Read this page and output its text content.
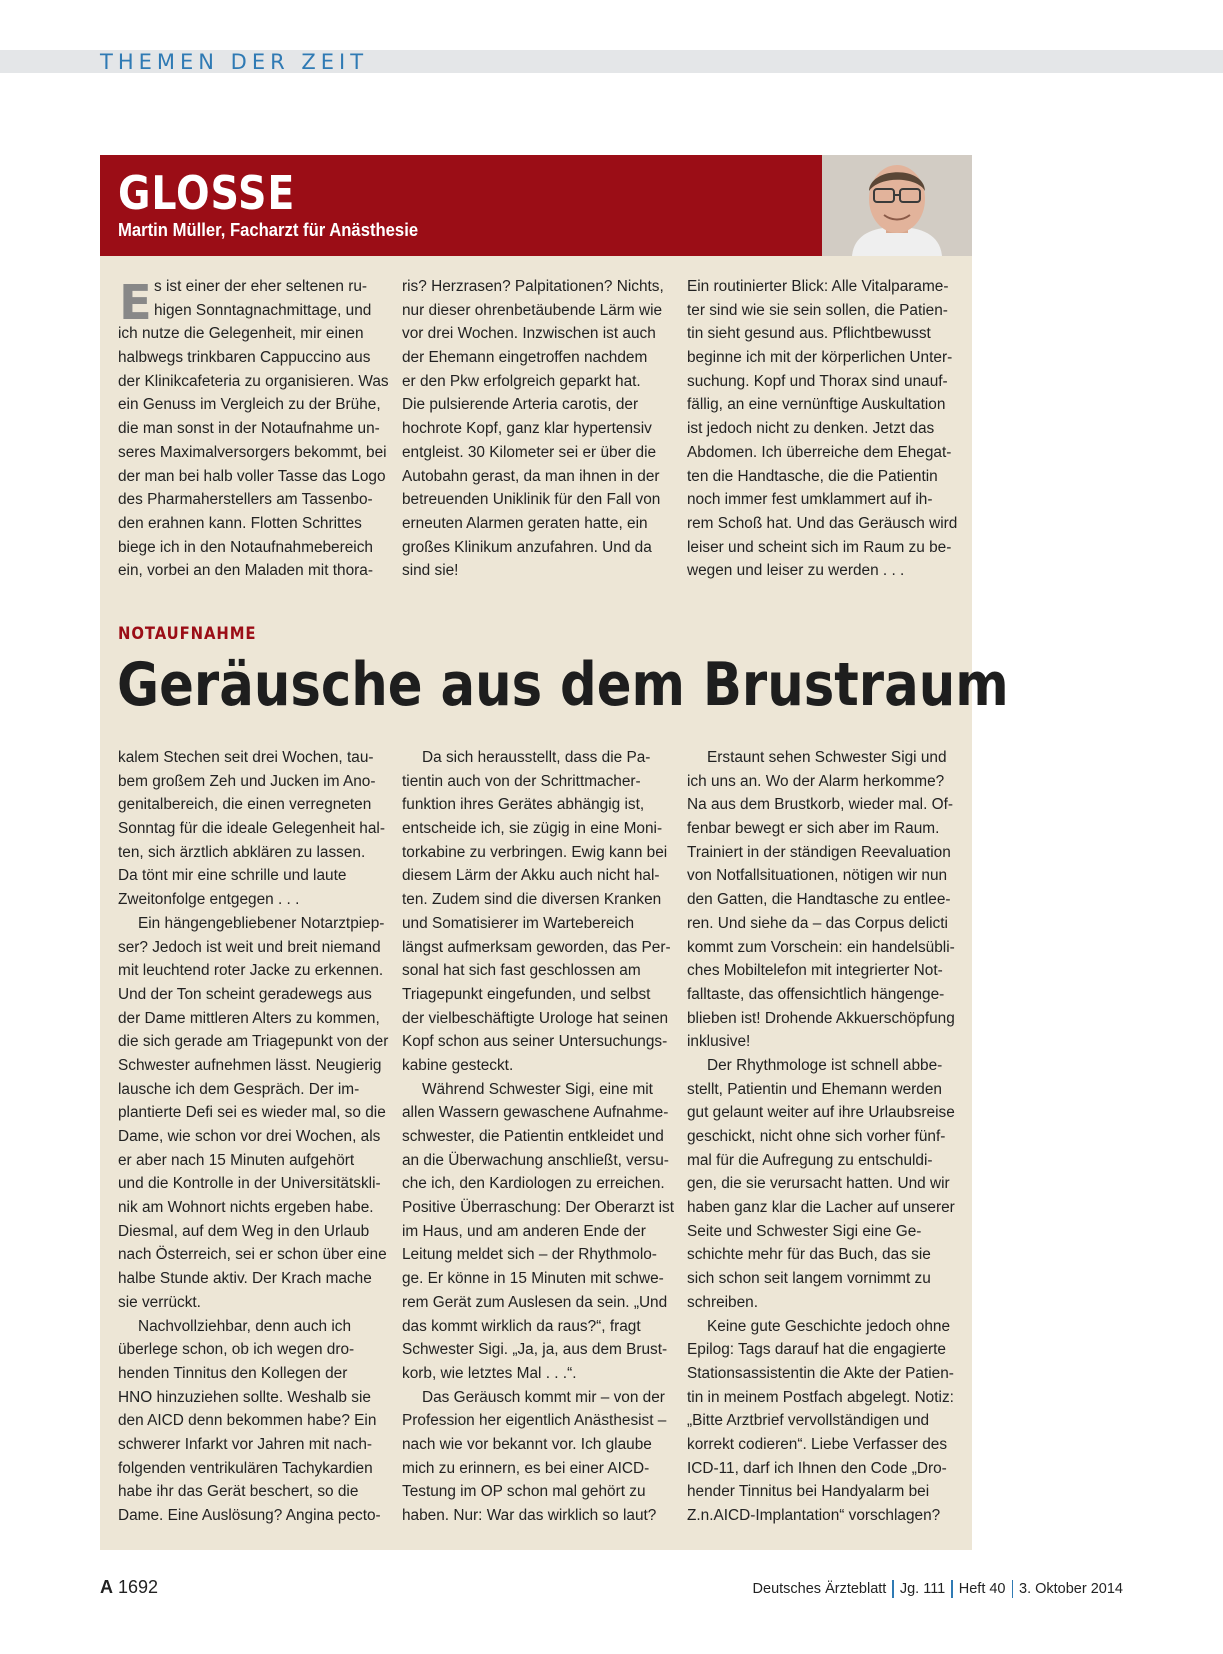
THEMEN DER ZEIT
GLOSSE
Martin Müller, Facharzt für Anästhesie
E s ist einer der eher seltenen ru-
higen Sonntagnachmittage, und
ich nutze die Gelegenheit, mir einen
halbwegs trinkbaren Cappuccino aus
der Klinikcafeteria zu organisieren. Was
ein Genuss im Vergleich zu der Brühe,
die man sonst in der Notaufnahme un-
seres Maximalversorgers bekommt, bei
der man bei halb voller Tasse das Logo
des Pharmaherstellers am Tassenbo-
den erahnen kann. Flotten Schrittes
biege ich in den Notaufnahmebereich
ein, vorbei an den Maladen mit thora-
ris? Herzrasen? Palpitationen? Nichts,
nur dieser ohrenbetäubende Lärm wie
vor drei Wochen. Inzwischen ist auch
der Ehemann eingetroffen nachdem
er den Pkw erfolgreich geparkt hat.
Die pulsierende Arteria carotis, der
hochrote Kopf, ganz klar hypertensiv
entgleist. 30 Kilometer sei er über die
Autobahn gerast, da man ihnen in der
betreuenden Uniklinik für den Fall von
erneuten Alarmen geraten hatte, ein
großes Klinikum anzufahren. Und da
sind sie!
Ein routinierter Blick: Alle Vitalparame-
ter sind wie sie sein sollen, die Patien-
tin sieht gesund aus. Pflichtbewusst
beginne ich mit der körperlichen Unter-
suchung. Kopf und Thorax sind unauf-
fällig, an eine vernünftige Auskultation
ist jedoch nicht zu denken. Jetzt das
Abdomen. Ich überreiche dem Ehegat-
ten die Handtasche, die die Patientin
noch immer fest umklammert auf ih-
rem Schoß hat. Und das Geräusch wird
leiser und scheint sich im Raum zu be-
wegen und leiser zu werden . . .
NOTAUFNAHME
Geräusche aus dem Brustraum
kalem Stechen seit drei Wochen, tau-
bem großem Zeh und Jucken im Ano-
genitalbereich, die einen verregneten
Sonntag für die ideale Gelegenheit hal-
ten, sich ärztlich abklären zu lassen.
Da tönt mir eine schrille und laute
Zweitonfolge entgegen . . .
Ein hängengebliebener Notarztpiep-
ser? Jedoch ist weit und breit niemand
mit leuchtend roter Jacke zu erkennen.
Und der Ton scheint geradewegs aus
der Dame mittleren Alters zu kommen,
die sich gerade am Triagepunkt von der
Schwester aufnehmen lässt. Neugierig
lausche ich dem Gespräch. Der im-
plantierte Defi sei es wieder mal, so die
Dame, wie schon vor drei Wochen, als
er aber nach 15 Minuten aufgehört
und die Kontrolle in der Universitätskli-
nik am Wohnort nichts ergeben habe.
Diesmal, auf dem Weg in den Urlaub
nach Österreich, sei er schon über eine
halbe Stunde aktiv. Der Krach mache
sie verrückt.
Nachvollziehbar, denn auch ich
überlege schon, ob ich wegen dro-
henden Tinnitus den Kollegen der
HNO hinzuziehen sollte. Weshalb sie
den AICD denn bekommen habe? Ein
schwerer Infarkt vor Jahren mit nach-
folgenden ventrikulären Tachykardien
habe ihr das Gerät beschert, so die
Dame. Eine Auslösung? Angina pecto-
Da sich herausstellt, dass die Pa-
tientin auch von der Schrittmacher-
funktion ihres Gerätes abhängig ist,
entscheide ich, sie zügig in eine Moni-
torkabine zu verbringen. Ewig kann bei
diesem Lärm der Akku auch nicht hal-
ten. Zudem sind die diversen Kranken
und Somatisierer im Wartebereich
längst aufmerksam geworden, das Per-
sonal hat sich fast geschlossen am
Triagepunkt eingefunden, und selbst
der vielbeschäftigte Urologe hat seinen
Kopf schon aus seiner Untersuchungs-
kabine gesteckt.
Während Schwester Sigi, eine mit
allen Wassern gewaschene Aufnahme-
schwester, die Patientin entkleidet und
an die Überwachung anschließt, versu-
che ich, den Kardiologen zu erreichen.
Positive Überraschung: Der Oberarzt ist
im Haus, und am anderen Ende der
Leitung meldet sich – der Rhythmolo-
ge. Er könne in 15 Minuten mit schwe-
rem Gerät zum Auslesen da sein. „Und
das kommt wirklich da raus?“, fragt
Schwester Sigi. „Ja, ja, aus dem Brust-
korb, wie letztes Mal . . .“.
Das Geräusch kommt mir – von der
Profession her eigentlich Anästhesist –
nach wie vor bekannt vor. Ich glaube
mich zu erinnern, es bei einer AICD-
Testung im OP schon mal gehört zu
haben. Nur: War das wirklich so laut?
Erstaunt sehen Schwester Sigi und
ich uns an. Wo der Alarm herkomme?
Na aus dem Brustkorb, wieder mal. Of-
fenbar bewegt er sich aber im Raum.
Trainiert in der ständigen Reevaluation
von Notfallsituationen, nötigen wir nun
den Gatten, die Handtasche zu entlee-
ren. Und siehe da – das Corpus delicti
kommt zum Vorschein: ein handelsübli-
ches Mobiltelefon mit integrierter Not-
falltaste, das offensichtlich hängenge-
blieben ist! Drohende Akkuerschöpfung
inklusive!
Der Rhythmologe ist schnell abbe-
stellt, Patientin und Ehemann werden
gut gelaunt weiter auf ihre Urlaubsreise
geschickt, nicht ohne sich vorher fünf-
mal für die Aufregung zu entschuldi-
gen, die sie verursacht hatten. Und wir
haben ganz klar die Lacher auf unserer
Seite und Schwester Sigi eine Ge-
schichte mehr für das Buch, das sie
sich schon seit langem vornimmt zu
schreiben.
Keine gute Geschichte jedoch ohne
Epilog: Tags darauf hat die engagierte
Stationsassistentin die Akte der Patien-
tin in meinem Postfach abgelegt. Notiz:
„Bitte Arztbrief vervollständigen und
korrekt codieren“. Liebe Verfasser des
ICD-11, darf ich Ihnen den Code „Dro-
hender Tinnitus bei Handyalarm bei
Z.n.AICD-Implantation“ vorschlagen?
A 1692	Deutsches Ärzteblatt Jg. 111 Heft 40 3. Oktober 2014
